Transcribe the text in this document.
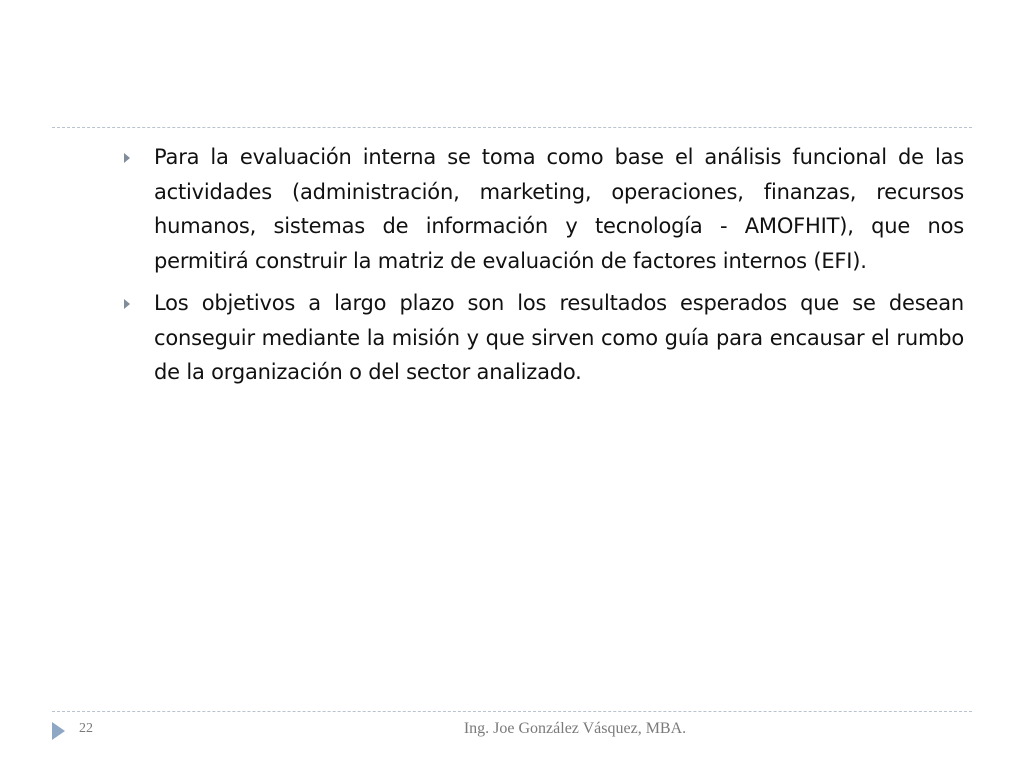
Para la evaluación interna se toma como base el análisis funcional de las actividades (administración, marketing, operaciones, finanzas, recursos humanos, sistemas de información y tecnología - AMOFHIT), que nos permitirá construir la matriz de evaluación de factores internos (EFI).
Los objetivos a largo plazo son los resultados esperados que se desean conseguir mediante la misión y que sirven como guía para encausar el rumbo de la organización o del sector analizado.
22	Ing. Joe González Vásquez, MBA.
